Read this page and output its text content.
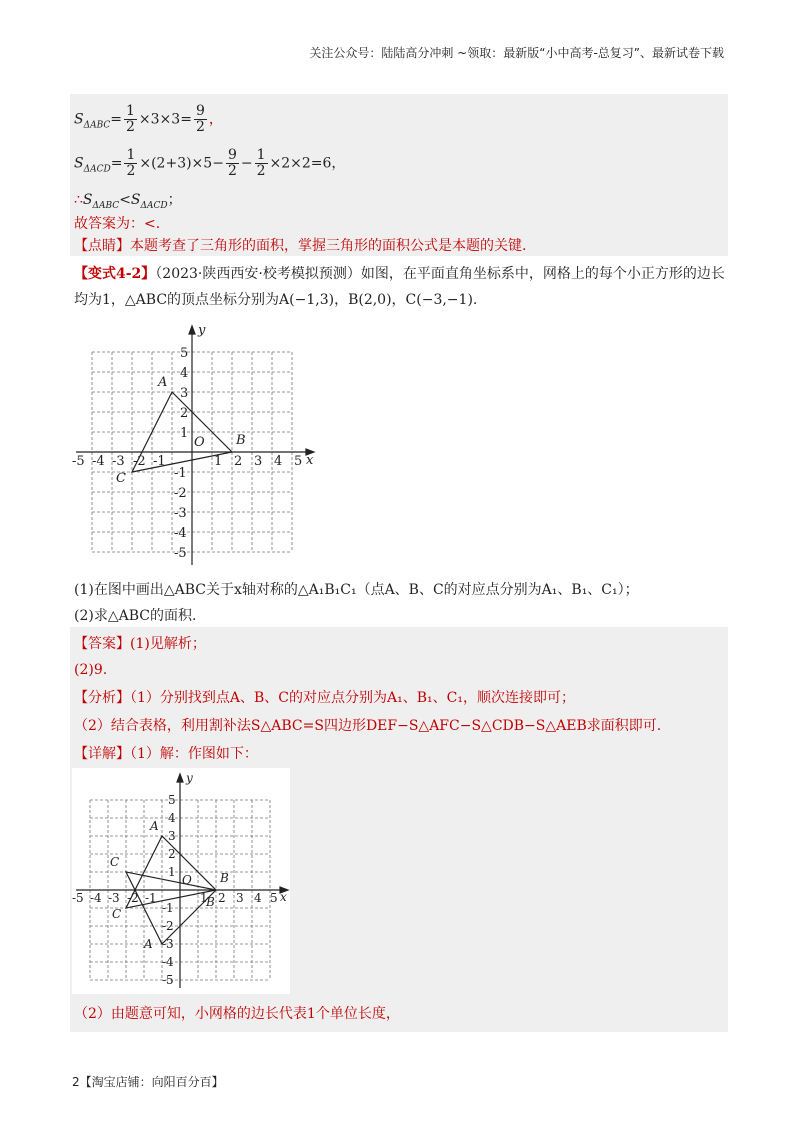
关注公众号：陆陆高分冲刺 ~领取：最新版“小中高考-总复习”、最新试卷下载
$S_{\Delta ABC}= \frac{1}{2} \times 3\times 3= \frac{9}{2}$ ，
$S_{\Delta ACD}= \frac{1}{2} \times(2+3)\times 5- \frac{9}{2} - \frac{1}{2} \times 2\times 2=6$，
$\therefore S_{\Delta ABC}<S_{\Delta ACD}$；
故答案为：<.
【点睛】本题考查了三角形的面积，掌握三角形的面积公式是本题的关键.
【变式4-2】（2023·陕西西安·校考模拟预测）如图，在平面直角坐标系中，网格上的每个小正方形的边长
均为1，△ABC的顶点坐标分别为A(−1,3)，B(2,0)，C(−3,−1).
x
y
O
A
B
C
-5 -4 -3 -2 -1	1 2 3 4 5
5
4
3
2
1
-1
-2
-3
-4
-5
(1)在图中画出△ABC关于x轴对称的△A₁B₁C₁（点A、B、C的对应点分别为A₁、B₁、C₁）；
(2)求△ABC的面积.
【答案】(1)见解析；
(2)9.
【分析】（1）分别找到点A、B、C的对应点分别为A₁、B₁、C₁，顺次连接即可；
（2）结合表格，利用割补法S△ABC=S四边形DEF−S△AFC−S△CDB−S△AEB求面积即可.
【详解】（1）解：作图如下：
x
y
O
A
B
C
A
B
C
-5 -4 -3 -2 -1	1 2 3 4 5
5
4
3
2
1
-1
-2
-3
-4
-5
（2）由题意可知，小网格的边长代表1个单位长度，
2【淘宝店铺：向阳百分百】
